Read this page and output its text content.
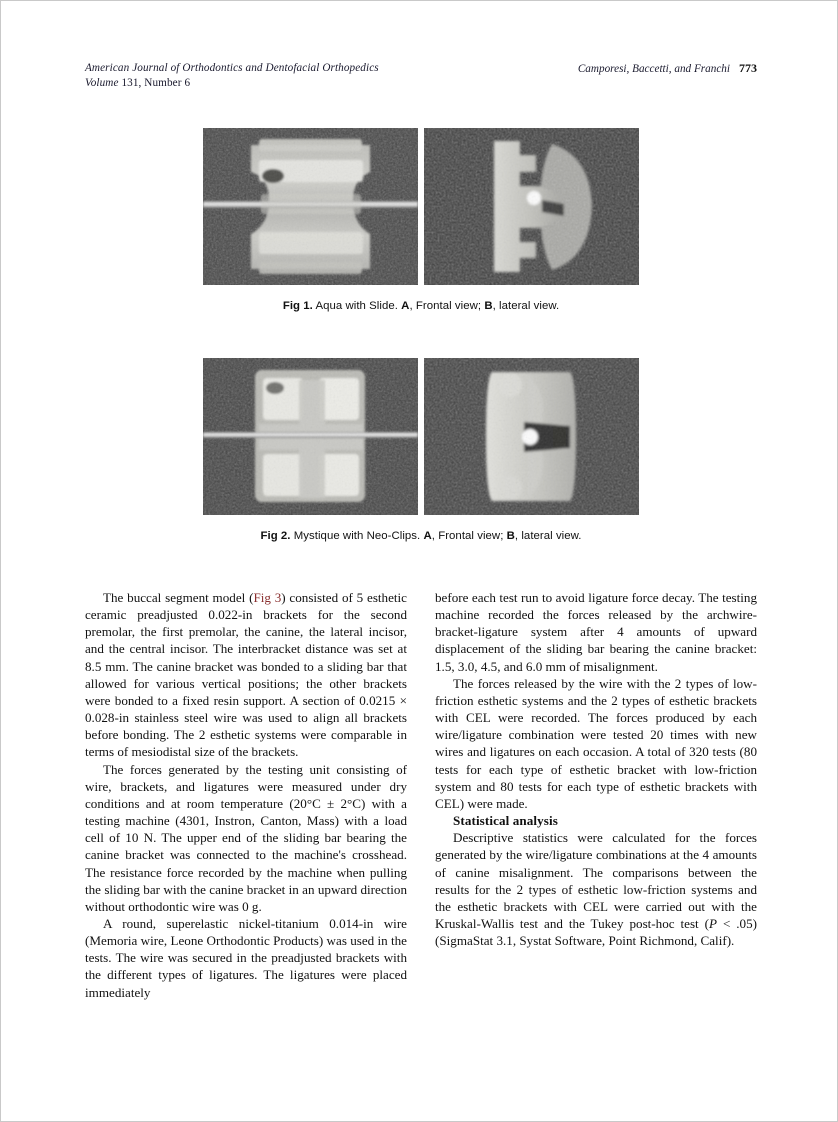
American Journal of Orthodontics and Dentofacial Orthopedics
Volume 131, Number 6
Camporesi, Baccetti, and Franchi 773
Fig 1. Aqua with Slide. A, Frontal view; B, lateral view.
Fig 2. Mystique with Neo-Clips. A, Frontal view; B, lateral view.

The buccal segment model (Fig 3) consisted of 5 esthetic ceramic preadjusted 0.022-in brackets for the second premolar, the first premolar, the canine, the lateral incisor, and the central incisor. The interbracket distance was set at 8.5 mm. The canine bracket was bonded to a sliding bar that allowed for various vertical positions; the other brackets were bonded to a fixed resin support. A section of 0.0215 × 0.028-in stainless steel wire was used to align all brackets before bonding. The 2 esthetic systems were comparable in terms of mesiodistal size of the brackets.

The forces generated by the testing unit consisting of wire, brackets, and ligatures were measured under dry conditions and at room temperature (20°C ± 2°C) with a testing machine (4301, Instron, Canton, Mass) with a load cell of 10 N. The upper end of the sliding bar bearing the canine bracket was connected to the machine's crosshead. The resistance force recorded by the machine when pulling the sliding bar with the canine bracket in an upward direction without orthodontic wire was 0 g.

A round, superelastic nickel-titanium 0.014-in wire (Memoria wire, Leone Orthodontic Products) was used in the tests. The wire was secured in the preadjusted brackets with the different types of ligatures. The ligatures were placed immediately

before each test run to avoid ligature force decay. The testing machine recorded the forces released by the archwire-bracket-ligature system after 4 amounts of upward displacement of the sliding bar bearing the canine bracket: 1.5, 3.0, 4.5, and 6.0 mm of misalignment.

The forces released by the wire with the 2 types of low-friction esthetic systems and the 2 types of esthetic brackets with CEL were recorded. The forces produced by each wire/ligature combination were tested 20 times with new wires and ligatures on each occasion. A total of 320 tests (80 tests for each type of esthetic bracket with low-friction system and 80 tests for each type of esthetic brackets with CEL) were made.

Statistical analysis

Descriptive statistics were calculated for the forces generated by the wire/ligature combinations at the 4 amounts of canine misalignment. The comparisons between the results for the 2 types of esthetic low-friction systems and the esthetic brackets with CEL were carried out with the Kruskal-Wallis test and the Tukey post-hoc test (P < .05) (SigmaStat 3.1, Systat Software, Point Richmond, Calif).
